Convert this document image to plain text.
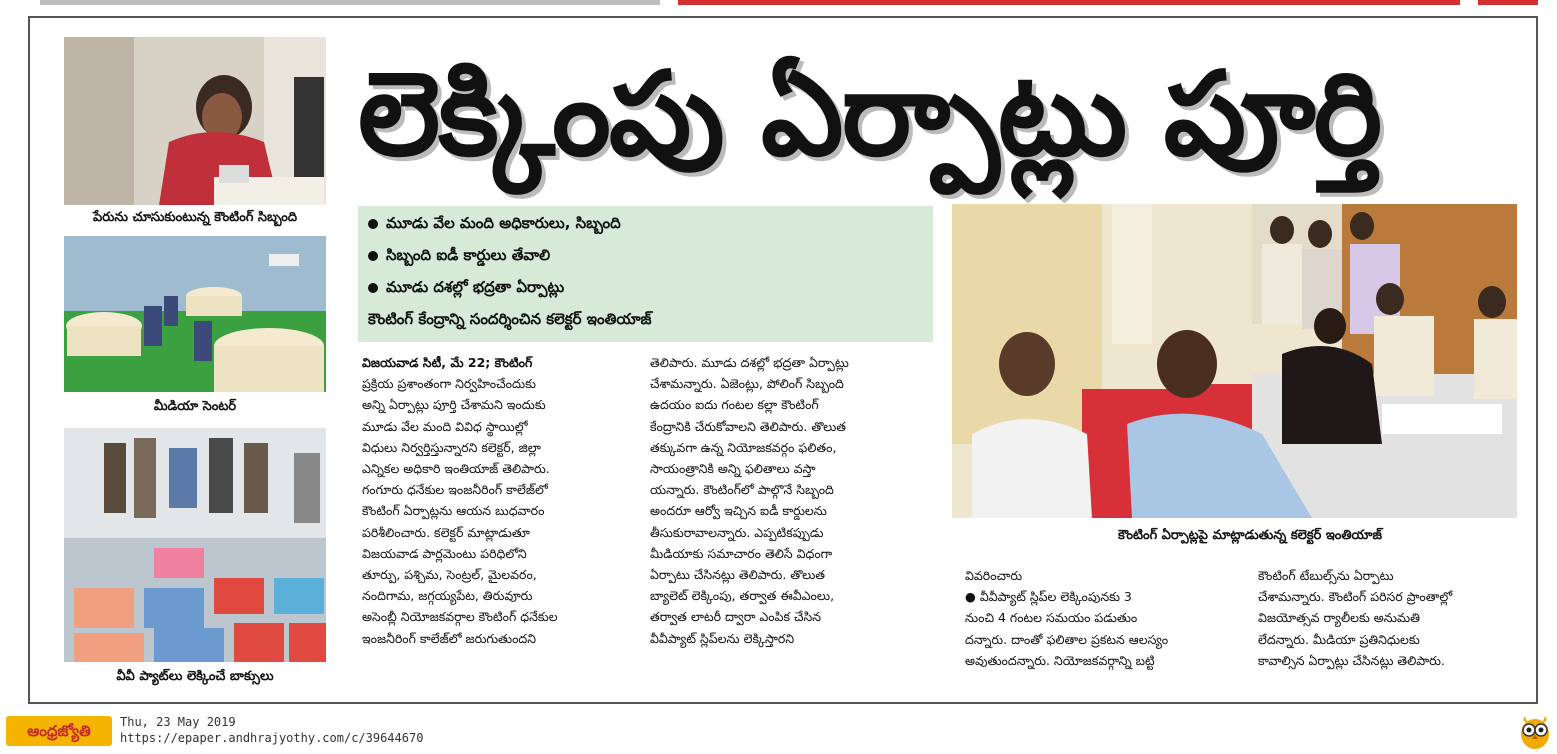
పేరును చూసుకుంటున్న కౌంటింగ్ సిబ్బంది
మీడియా సెంటర్
వీవీ ప్యాట్‌లు లెక్కించే బాక్సులు
లెక్కింపు ఏర్పాట్లు పూర్తి
మూడు వేల మంది అధికారులు, సిబ్బంది
సిబ్బంది ఐడీ కార్డులు తేవాలి
మూడు దశల్లో భద్రతా ఏర్పాట్లు
కౌంటింగ్ కేంద్రాన్ని సందర్శించిన కలెక్టర్ ఇంతియాజ్
కౌంటింగ్ ఏర్పాట్లపై మాట్లాడుతున్న కలెక్టర్ ఇంతియాజ్

విజయవాడ సిటీ, మే 22; కౌంటింగ్

ప్రక్రియ ప్రశాంతంగా నిర్వహించేందుకు

అన్ని ఏర్పాట్లు పూర్తి చేశామని ఇందుకు

మూడు వేల మంది వివిధ స్థాయిల్లో

విధులు నిర్వర్తిస్తున్నారని కలెక్టర్, జిల్లా

ఎన్నికల అధికారి ఇంతియాజ్ తెలిపారు.

గంగూరు ధనేకుల ఇంజనీరింగ్ కాలేజ్‌లో

కౌంటింగ్ ఏర్పాట్లను ఆయన బుధవారం

పరిశీలించారు. కలెక్టర్ మాట్లాడుతూ

విజయవాడ పార్లమెంటు పరిధిలోని

తూర్పు, పశ్చిమ, సెంట్రల్, మైలవరం,

నందిగామ, జగ్గయ్యపేట, తిరువూరు

అసెంబ్లీ నియోజకవర్గాల కౌంటింగ్ ధనేకుల

ఇంజనీరింగ్ కాలేజ్‌లో జరుగుతుందని

తెలిపారు. మూడు దశల్లో భద్రతా ఏర్పాట్లు

చేశామన్నారు. ఏజెంట్లు, పోలింగ్ సిబ్బంది

ఉదయం ఐదు గంటల కల్లా కౌంటింగ్

కేంద్రానికి చేరుకోవాలని తెలిపారు. తొలుత

తక్కువగా ఉన్న నియోజకవర్గం ఫలితం,

సాయంత్రానికి అన్ని ఫలితాలు వస్తా

యన్నారు. కౌంటింగ్‌లో పాల్గొనే సిబ్బంది

అందరూ ఆర్వో ఇచ్చిన ఐడీ కార్డులను

తీసుకురావాలన్నారు. ఎప్పటికప్పుడు

మీడియాకు సమాచారం తెలిసే విధంగా

ఏర్పాటు చేసినట్లు తెలిపారు. తొలుత

బ్యాలెట్ లెక్కింపు, తర్వాత ఈవీఎంలు,

తర్వాత లాటరీ ద్వారా ఎంపిక చేసిన

వీవీప్యాట్ స్లిప్‌లను లెక్కిస్తారని

వివరించారు

● వీవీప్యాట్ స్లిప్‌ల లెక్కింపునకు 3

నుంచి 4 గంటల సమయం పడుతుం

దన్నారు. దాంతో ఫలితాల ప్రకటన ఆలస్యం

అవుతుందన్నారు. నియోజకవర్గాన్ని బట్టి

కౌంటింగ్ టేబుల్స్‌ను ఏర్పాటు

చేశామన్నారు. కౌంటింగ్ పరిసర ప్రాంతాల్లో

విజయోత్సవ ర్యాలీలకు అనుమతి

లేదన్నారు. మీడియా ప్రతినిధులకు

కావాల్సిన ఏర్పాట్లు చేసినట్లు తెలిపారు.

ఆంధ్రజ్యోతి	Thu, 23 May 2019
https://epaper.andhrajyothy.com/c/39644670
